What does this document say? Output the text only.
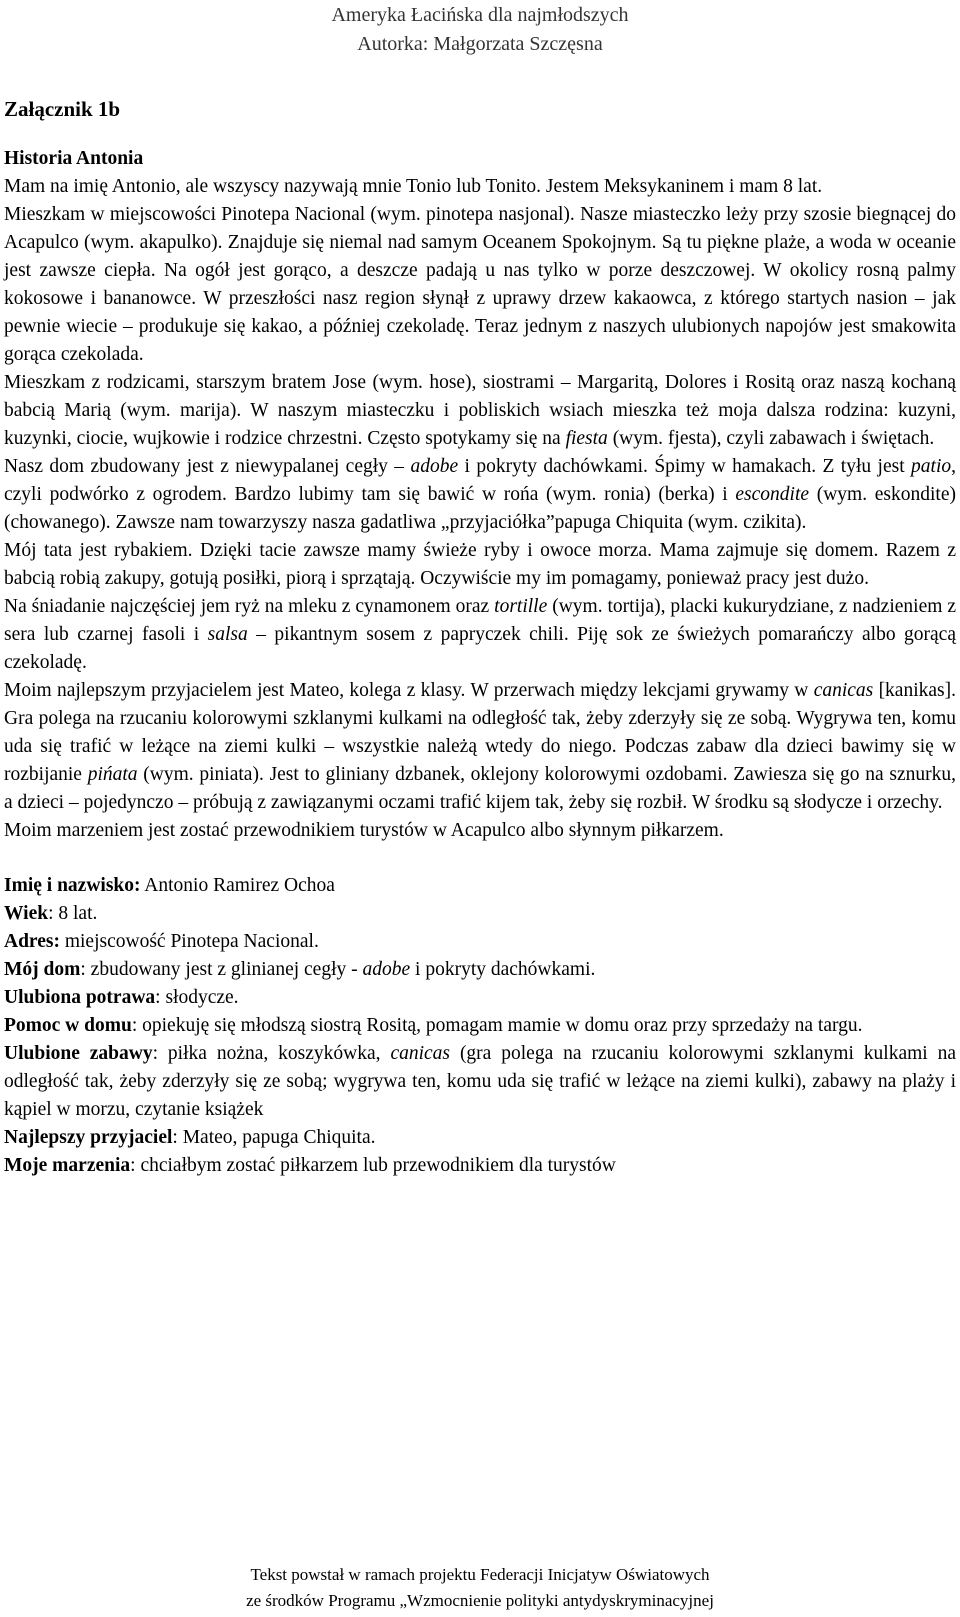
Ameryka Łacińska dla najmłodszych
Autorka: Małgorzata Szczęsna
Załącznik 1b
Historia Antonia

Mam na imię Antonio, ale wszyscy nazywają mnie Tonio lub Tonito. Jestem Meksykaninem i mam 8 lat.

Mieszkam w miejscowości Pinotepa Nacional (wym. pinotepa nasjonal). Nasze miasteczko leży przy szosie biegnącej do Acapulco (wym. akapulko). Znajduje się niemal nad samym Oceanem Spokojnym. Są tu piękne plaże, a woda w oceanie jest zawsze ciepła. Na ogół jest gorąco, a deszcze padają u nas tylko w porze deszczowej. W okolicy rosną palmy kokosowe i bananowce. W przeszłości nasz region słynął z uprawy drzew kakaowca, z którego startych nasion – jak pewnie wiecie – produkuje się kakao, a później czekoladę. Teraz jednym z naszych ulubionych napojów jest smakowita gorąca czekolada.

Mieszkam z rodzicami, starszym bratem Jose (wym. hose), siostrami – Margaritą, Dolores i Rositą oraz naszą kochaną babcią Marią (wym. marija). W naszym miasteczku i pobliskich wsiach mieszka też moja dalsza rodzina: kuzyni, kuzynki, ciocie, wujkowie i rodzice chrzestni. Często spotykamy się na fiesta (wym. fjesta), czyli zabawach i świętach.

Nasz dom zbudowany jest z niewypalanej cegły – adobe i pokryty dachówkami. Śpimy w hamakach. Z tyłu jest patio, czyli podwórko z ogrodem. Bardzo lubimy tam się bawić w rońa (wym. ronia) (berka) i escondite (wym. eskondite) (chowanego). Zawsze nam towarzyszy nasza gadatliwa „przyjaciółka”papuga Chiquita (wym. czikita).

Mój tata jest rybakiem. Dzięki tacie zawsze mamy świeże ryby i owoce morza. Mama zajmuje się domem. Razem z babcią robią zakupy, gotują posiłki, piorą i sprzątają. Oczywiście my im pomagamy, ponieważ pracy jest dużo.

Na śniadanie najczęściej jem ryż na mleku z cynamonem oraz tortille (wym. tortija), placki kukurydziane, z nadzieniem z sera lub czarnej fasoli i salsa – pikantnym sosem z papryczek chili. Piję sok ze świeżych pomarańczy albo gorącą czekoladę.

Moim najlepszym przyjacielem jest Mateo, kolega z klasy. W przerwach między lekcjami grywamy w canicas [kanikas]. Gra polega na rzucaniu kolorowymi szklanymi kulkami na odległość tak, żeby zderzyły się ze sobą. Wygrywa ten, komu uda się trafić w leżące na ziemi kulki – wszystkie należą wtedy do niego. Podczas zabaw dla dzieci bawimy się w rozbijanie pińata (wym. piniata). Jest to gliniany dzbanek, oklejony kolorowymi ozdobami. Zawiesza się go na sznurku, a dzieci – pojedynczo – próbują z zawiązanymi oczami trafić kijem tak, żeby się rozbił. W środku są słodycze i orzechy.

Moim marzeniem jest zostać przewodnikiem turystów w Acapulco albo słynnym piłkarzem.

Imię i nazwisko: Antonio Ramirez Ochoa

Wiek: 8 lat.

Adres: miejscowość Pinotepa Nacional.

Mój dom: zbudowany jest z glinianej cegły - adobe i pokryty dachówkami.

Ulubiona potrawa: słodycze.

Pomoc w domu: opiekuję się młodszą siostrą Rositą, pomagam mamie w domu oraz przy sprzedaży na targu.

Ulubione zabawy: piłka nożna, koszykówka, canicas (gra polega na rzucaniu kolorowymi szklanymi kulkami na odległość tak, żeby zderzyły się ze sobą; wygrywa ten, komu uda się trafić w leżące na ziemi kulki), zabawy na plaży i kąpiel w morzu, czytanie książek

Najlepszy przyjaciel: Mateo, papuga Chiquita.

Moje marzenia: chciałbym zostać piłkarzem lub przewodnikiem dla turystów

Tekst powstał w ramach projektu Federacji Inicjatyw Oświatowych
ze środków Programu „Wzmocnienie polityki antydyskryminacyjnej
